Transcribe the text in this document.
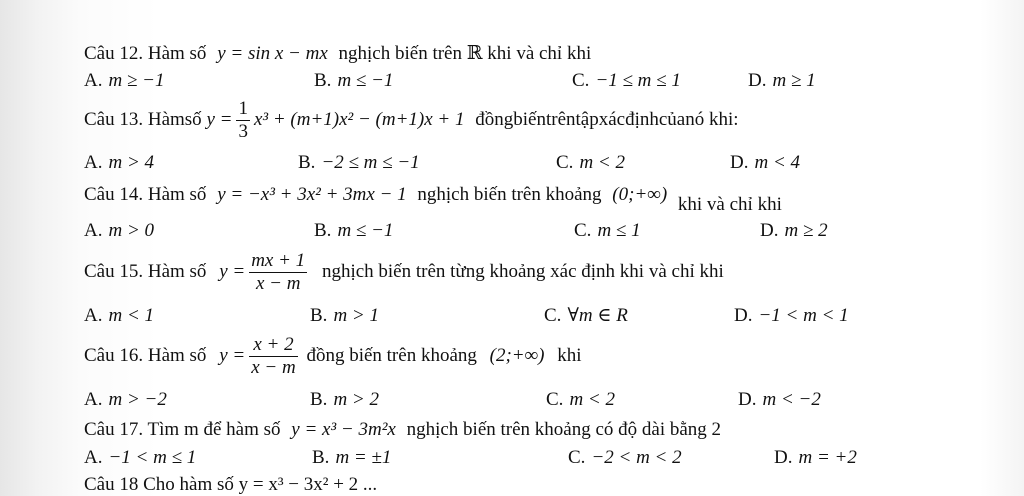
Câu 12. Hàm số y = sin x − mx nghịch biến trên ℝ khi và chỉ khi
A. m ≥ −1	B. m ≤ −1	C. −1 ≤ m ≤ 1	D. m ≥ 1
Câu 13. Hàmsố $y = \frac{1}{3} x^3 + (m+1)x^2 - (m+1)x + 1$ đồngbiếntrêntậpxácđịnhcủanó khi:
A. m > 4	B. −2 ≤ m ≤ −1	C. m < 2	D. m < 4
Câu 14. Hàm số y = −x³ + 3x² + 3mx − 1 nghịch biến trên khoảng (0;+∞) khi và chỉ khi
A. m > 0	B. m ≤ −1	C. m ≤ 1	D. m ≥ 2
Câu 15. Hàm số $y = \frac{mx + 1}{x - m}$ nghịch biến trên từng khoảng xác định khi và chỉ khi
A. m < 1	B. m > 1	C. ∀m ∈ R	D. −1 < m < 1
Câu 16. Hàm số $y = \frac{x + 2}{x - m}$ đồng biến trên khoảng (2;+∞) khi
A. m > −2	B. m > 2	C. m < 2	D. m < −2
Câu 17. Tìm m để hàm số y = x³ − 3m²x nghịch biến trên khoảng có độ dài bằng 2
A. −1 < m ≤ 1	B. m = ±1	C. −2 < m < 2	D. m = +2
Câu 18 Cho hàm số y = x³ − 3x² + 2 ...
